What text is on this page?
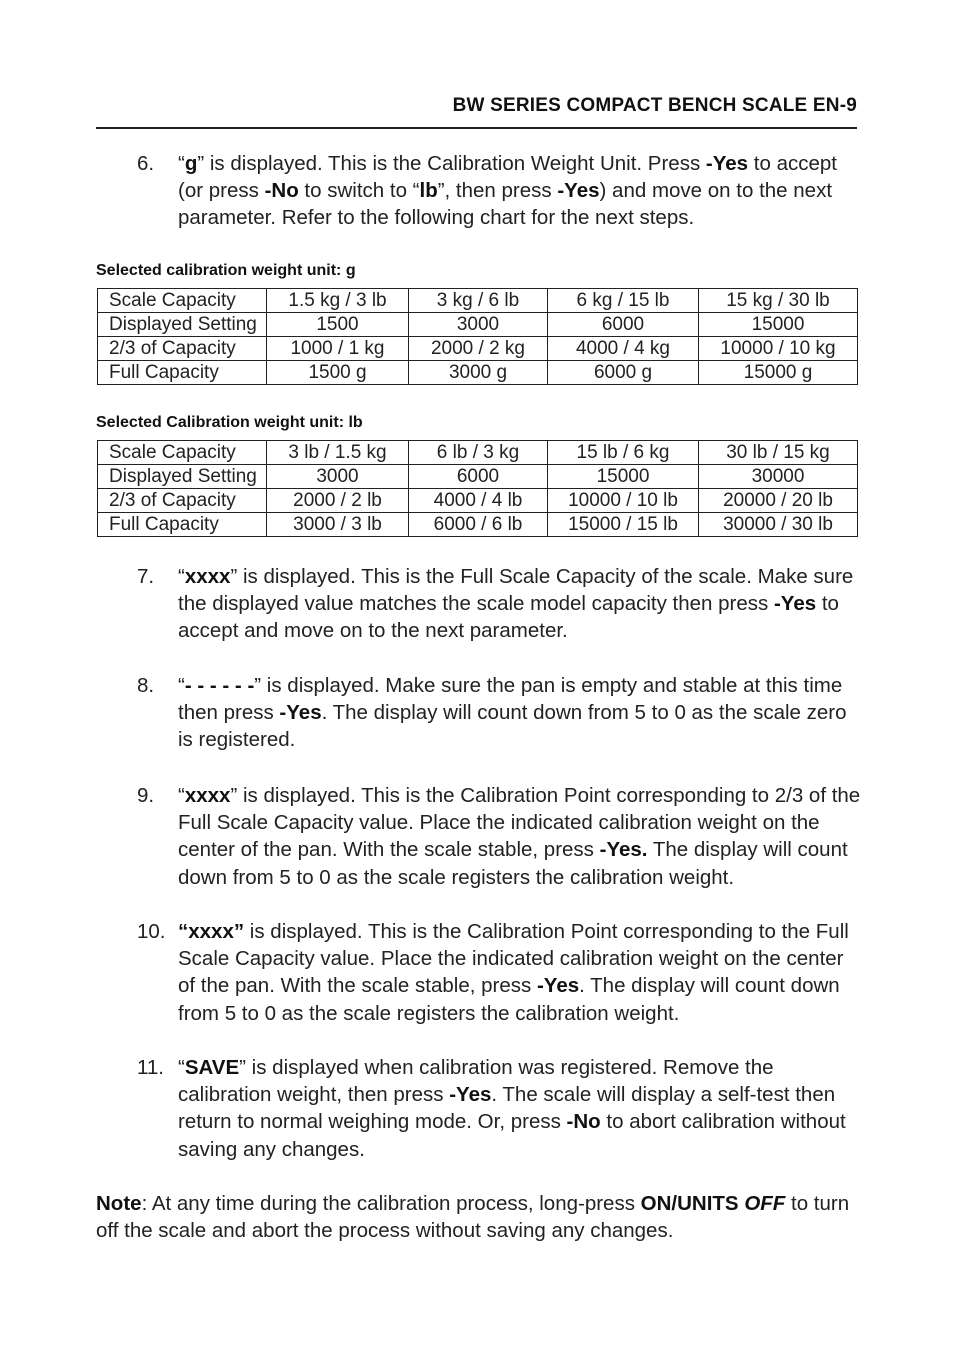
BW SERIES COMPACT BENCH SCALE EN-9
6. “g” is displayed. This is the Calibration Weight Unit. Press -Yes to accept (or press -No to switch to “lb”, then press -Yes) and move on to the next parameter. Refer to the following chart for the next steps.
Selected calibration weight unit: g
Scale Capacity	1.5 kg / 3 lb	3 kg / 6 lb	6 kg / 15 lb	15 kg / 30 lb
Displayed Setting	1500	3000	6000	15000
2/3 of Capacity	1000 / 1 kg	2000 / 2 kg	4000 / 4 kg	10000 / 10 kg
Full Capacity	1500 g	3000 g	6000 g	15000 g
Selected Calibration weight unit: lb
Scale Capacity	3 lb / 1.5 kg	6 lb / 3 kg	15 lb / 6 kg	30 lb / 15 kg
Displayed Setting	3000	6000	15000	30000
2/3 of Capacity	2000 / 2 lb	4000 / 4 lb	10000 / 10 lb	20000 / 20 lb
Full Capacity	3000 / 3 lb	6000 / 6 lb	15000 / 15 lb	30000 / 30 lb
7. “xxxx” is displayed. This is the Full Scale Capacity of the scale. Make sure the displayed value matches the scale model capacity then press -Yes to accept and move on to the next parameter.
8. “- - - - - -” is displayed. Make sure the pan is empty and stable at this time then press -Yes. The display will count down from 5 to 0 as the scale zero is registered.
9. “xxxx” is displayed. This is the Calibration Point corresponding to 2/3 of the Full Scale Capacity value. Place the indicated calibration weight on the center of the pan. With the scale stable, press -Yes. The display will count down from 5 to 0 as the scale registers the calibration weight.
10. “xxxx” is displayed. This is the Calibration Point corresponding to the Full Scale Capacity value. Place the indicated calibration weight on the center of the pan. With the scale stable, press -Yes. The display will count down from 5 to 0 as the scale registers the calibration weight.
11. “SAVE” is displayed when calibration was registered. Remove the calibration weight, then press -Yes. The scale will display a self-test then return to normal weighing mode. Or, press -No to abort calibration without saving any changes.
Note: At any time during the calibration process, long-press ON/UNITS OFF to turn off the scale and abort the process without saving any changes.
